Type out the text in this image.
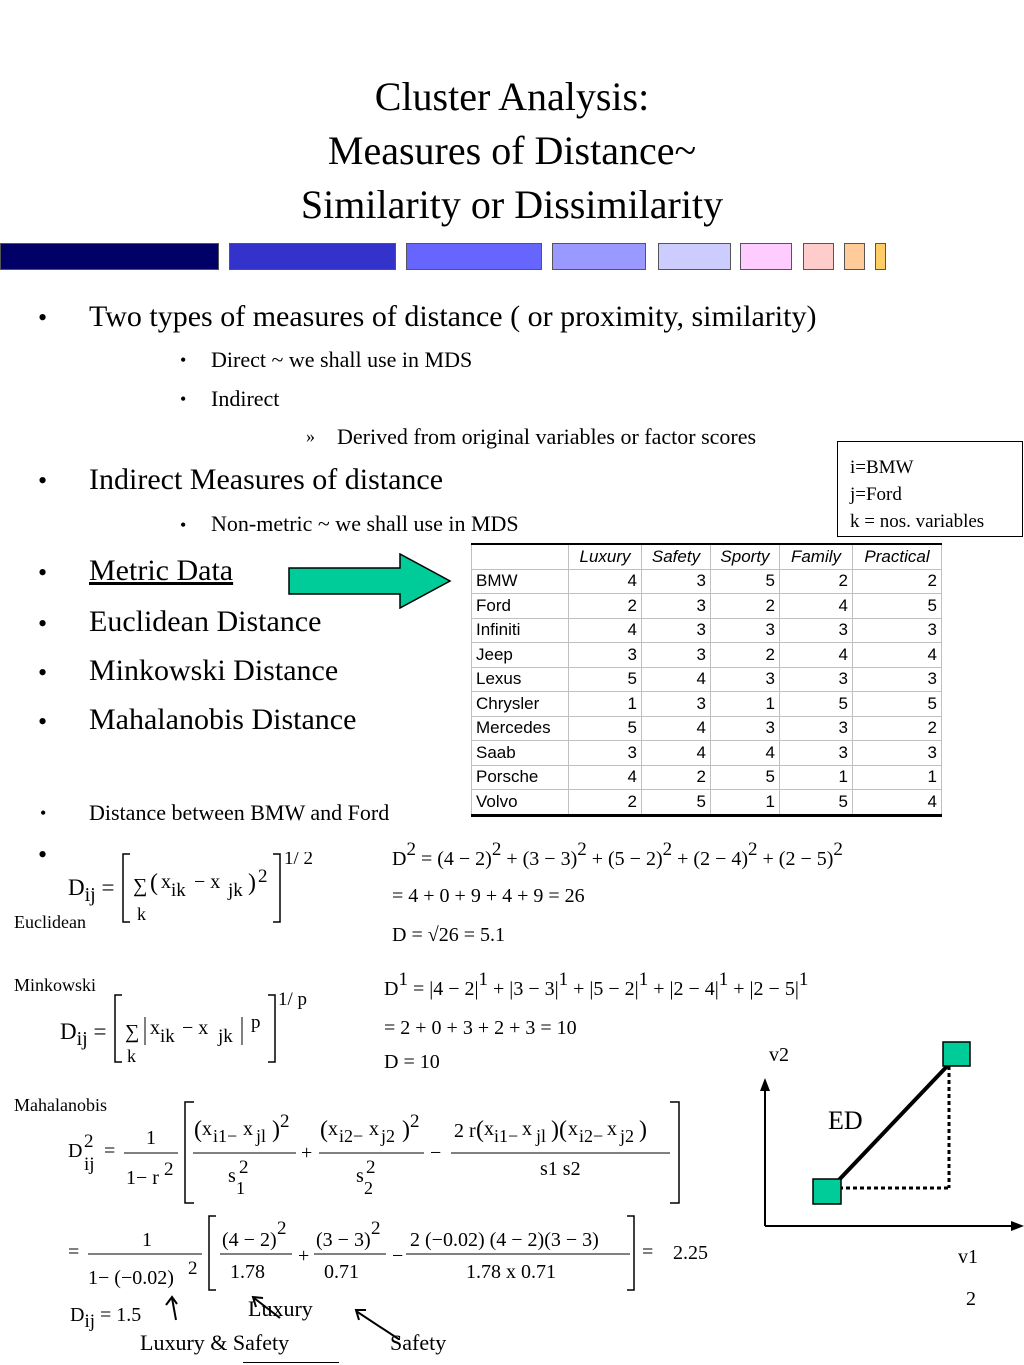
Cluster Analysis:
Measures of Distance~
Similarity or Dissimilarity
• Two types of measures of distance ( or proximity, similarity)
• Direct ~ we shall use in MDS
• Indirect
» Derived from original variables or factor scores
• Indirect Measures of distance
• Non-metric ~ we shall use in MDS
• Metric Data
• Euclidean Distance
• Minkowski Distance
• Mahalanobis Distance
• Distance between BMW and Ford
•
i=BMW
j=Ford
k = nos. variables
	Luxury	Safety	Sporty	Family	Practical
BMW	4	3	5	2	2
Ford	2	3	2	4	5
Infiniti	4	3	3	3	3
Jeep	3	3	2	4	4
Lexus	5	4	3	3	3
Chrysler	1	3	1	5	5
Mercedes	5	4	3	3	2
Saab	3	4	4	3	3
Porsche	4	2	5	1	1
Volvo	2	5	1	5	4
Dij = ∑
k
( x ik − x jk ) 2
1/ 2
Euclidean
D2 = (4 − 2)2 + (3 − 3)2 + (5 − 2)2 + (2 − 4)2 + (2 − 5)2
= 4 + 0 + 9 + 4 + 9 = 26
D = √26 = 5.1
Minkowski
Dij = ∑
k
x ik − x jk
p
1/ p	D1 = |4 − 2|1 + |3 − 3|1 + |5 − 2|1 + |2 − 4|1 + |2 − 5|1
= 2 + 0 + 3 + 2 + 3 = 10
D = 10
Mahalanobis
D 2
ij
=
1
1− r 2
( x i1− x jl ) 2
s 2
1
+
( x i2− x j2 ) 2
s 2
2
−
2 r ( x i1− x jl )( x i2− x j2 )
s1 s2
=
1
1− (−0.02) 2
(4 − 2)
2
1.78
+
(3 − 3)
2
0.71
−
2 (−0.02) (4 − 2)(3 − 3)
1.78 x 0.71
= 2.25
Dij = 1.5	Luxury
Luxury & Safety	Safety
v2
ED
v1
2
